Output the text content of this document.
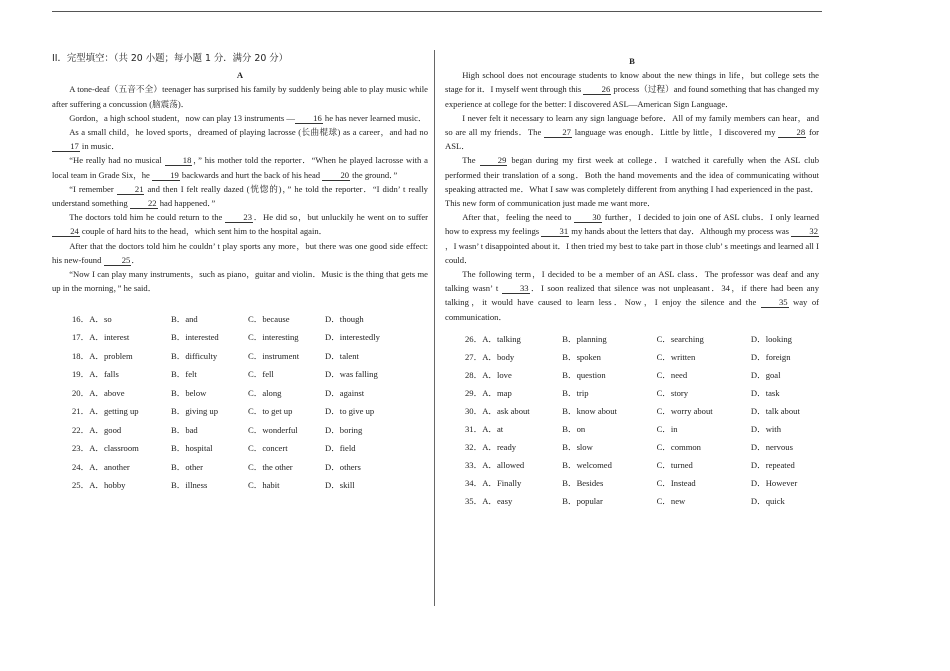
II．完型填空：（共 20 小题；每小题 1 分．满分 20 分）
A

A tone-deaf（五音不全）teenager has surprised his family by suddenly being able to play music while after suffering a concussion (脑震荡)．

Gordon，a high school student，now can play 13 instruments — 16 he has never learned music．

As a small child，he loved sports，dreamed of playing lacrosse (长曲棍球) as a career，and had no 17 in music．

“He really had no musical 18，” his mother told the reporter．“When he played lacrosse with a local team in Grade Six，he 19 backwards and hurt the back of his head 20 the ground．”

“I remember 21 and then I felt really dazed (恍惚的)，” he told the reporter．“I didn’ t really understand something 22 had happened．”

The doctors told him he could return to the 23．He did so，but unluckily he went on to suffer 24 couple of hard hits to the head，which sent him to the hospital again．

After that the doctors told him he couldn’ t play sports any more，but there was one good side effect: his new-found 25．

“Now I can play many instruments，such as piano，guitar and violin．Music is the thing that gets me up in the morning，” he said．

16．A．so	B．and	C．because	D．though
17．A．interest	B．interested	C．interesting	D．interestedly
18．A．problem	B．difficulty	C．instrument	D．talent
19．A．falls	B．felt	C．fell	D．was falling
20．A．above	B．below	C．along	D．against
21．A．getting up	B．giving up	C．to get up	D．to give up
22．A．good	B．bad	C．wonderful	D．boring
23．A．classroom	B．hospital	C．concert	D．field
24．A．another	B．other	C．the other	D．others
25．A．hobby	B．illness	C．habit	D．skill
B

High school does not encourage students to know about the new things in life，but college sets the stage for it．I myself went through this 26 process（过程）and found something that has changed my experience at college for the better: I discovered ASL—American Sign Language．

I never felt it necessary to learn any sign language before．All of my family members can hear，and so are all my friends．The 27 language was enough．Little by little，I discovered my 28 for ASL．

The 29 began during my first week at college．I watched it carefully when the ASL club performed their translation of a song．Both the hand movements and the idea of communicating without speaking attracted me．What I saw was completely different from anything I had experienced in the past．This new form of communication just made me want more．

After that，feeling the need to 30 further，I decided to join one of ASL clubs．I only learned how to express my feelings 31 my hands about the letters that day．Although my process was 32，I wasn’ t disappointed about it．I then tried my best to take part in those club’ s meetings and learned all I could．

The following term，I decided to be a member of an ASL class．The professor was deaf and any talking wasn’ t 33．I soon realized that silence was not unpleasant．34，if there had been any talking，it would have caused to learn less．Now，I enjoy the silence and the 35 way of communication．

26．A．talking	B．planning	C．searching	D．looking
27．A．body	B．spoken	C．written	D．foreign
28．A．love	B．question	C．need	D．goal
29．A．map	B．trip	C．story	D．task
30．A．ask about	B．know about	C．worry about	D．talk about
31．A．at	B．on	C．in	D．with
32．A．ready	B．slow	C．common	D．nervous
33．A．allowed	B．welcomed	C．turned	D．repeated
34．A．Finally	B．Besides	C．Instead	D．However
35．A．easy	B．popular	C．new	D．quick
